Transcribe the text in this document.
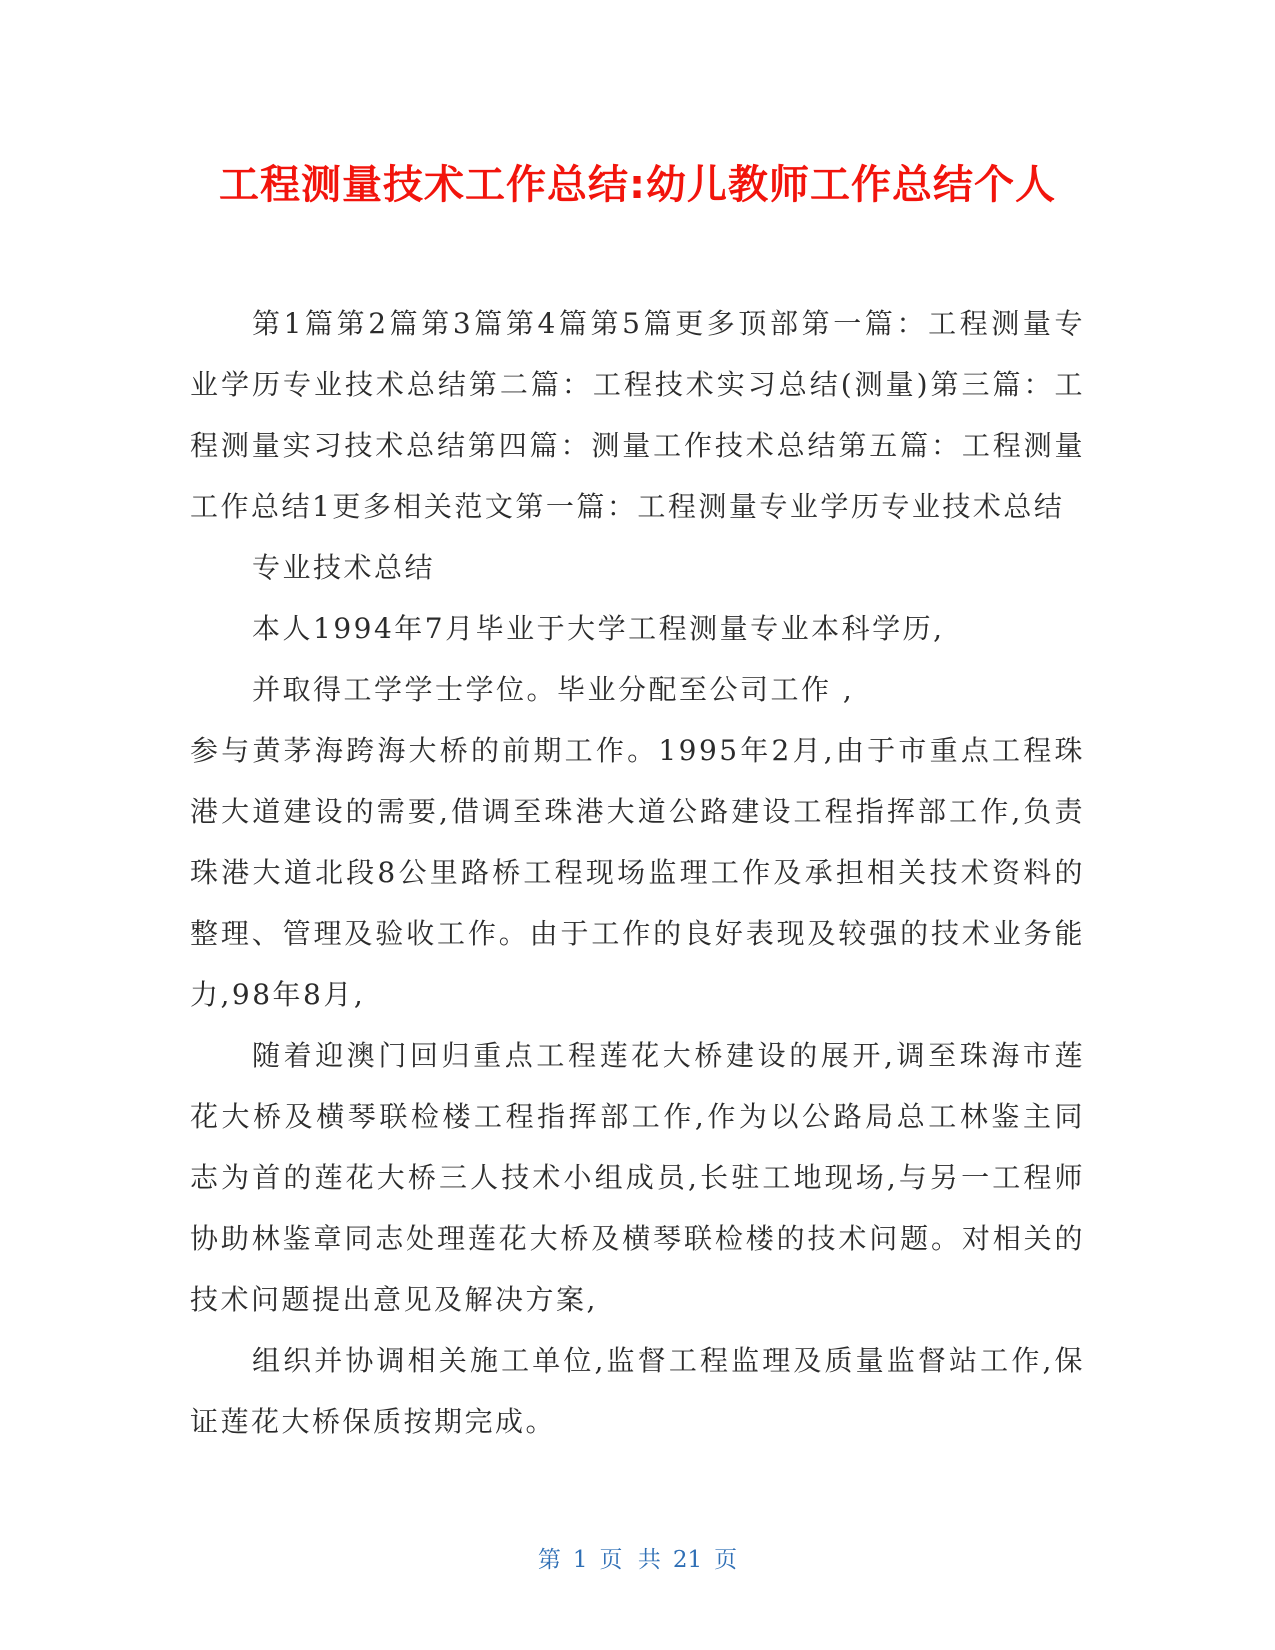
工程测量技术工作总结:幼儿教师工作总结个人

第1篇第2篇第3篇第4篇第5篇更多顶部第一篇：工程测量专业学历专业技术总结第二篇：工程技术实习总结(测量)第三篇：工程测量实习技术总结第四篇：测量工作技术总结第五篇：工程测量工作总结1更多相关范文第一篇：工程测量专业学历专业技术总结

专业技术总结

本人1994年7月毕业于大学工程测量专业本科学历,

并取得工学学士学位。毕业分配至公司工作 ,

参与黄茅海跨海大桥的前期工作。1995年2月,由于市重点工程珠港大道建设的需要,借调至珠港大道公路建设工程指挥部工作,负责珠港大道北段8公里路桥工程现场监理工作及承担相关技术资料的整理、管理及验收工作。由于工作的良好表现及较强的技术业务能力,98年8月,

随着迎澳门回归重点工程莲花大桥建设的展开,调至珠海市莲花大桥及横琴联检楼工程指挥部工作,作为以公路局总工林鉴主同志为首的莲花大桥三人技术小组成员,长驻工地现场,与另一工程师协助林鉴章同志处理莲花大桥及横琴联检楼的技术问题。对相关的技术问题提出意见及解决方案,

组织并协调相关施工单位,监督工程监理及质量监督站工作,保证莲花大桥保质按期完成。

第 1 页 共 21 页
